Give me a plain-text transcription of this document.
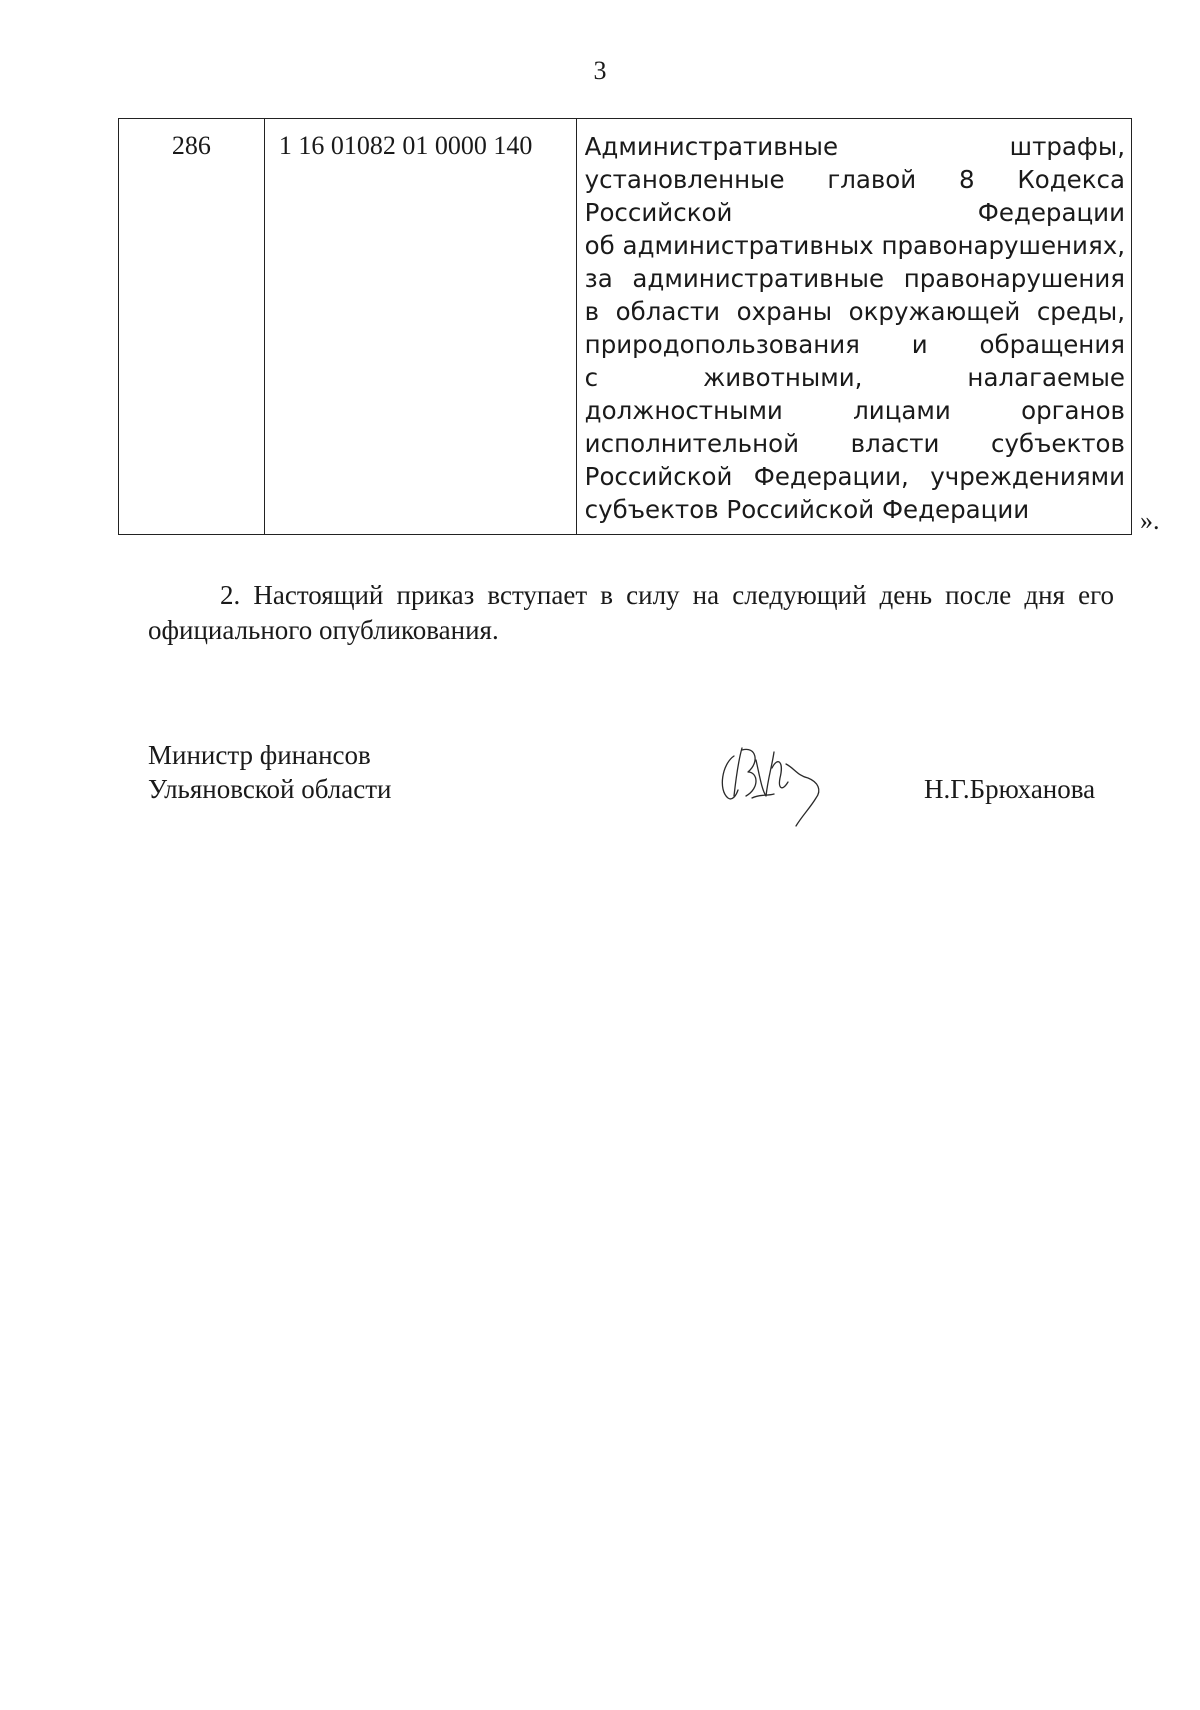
3
286	1 16 01082 01 0000 140	Административные штрафы,
установленные главой 8 Кодекса
Российской Федерации
об административных правонарушениях,
за административные правонарушения
в области охраны окружающей среды,
природопользования и обращения
с животными, налагаемые
должностными лицами органов
исполнительной власти субъектов
Российской Федерации, учреждениями
субъектов Российской Федерации	».
2. Настоящий приказ вступает в силу на следующий день после дня его
официального опубликования.
Министр финансов
Ульяновской области	Н.Г.Брюханова
